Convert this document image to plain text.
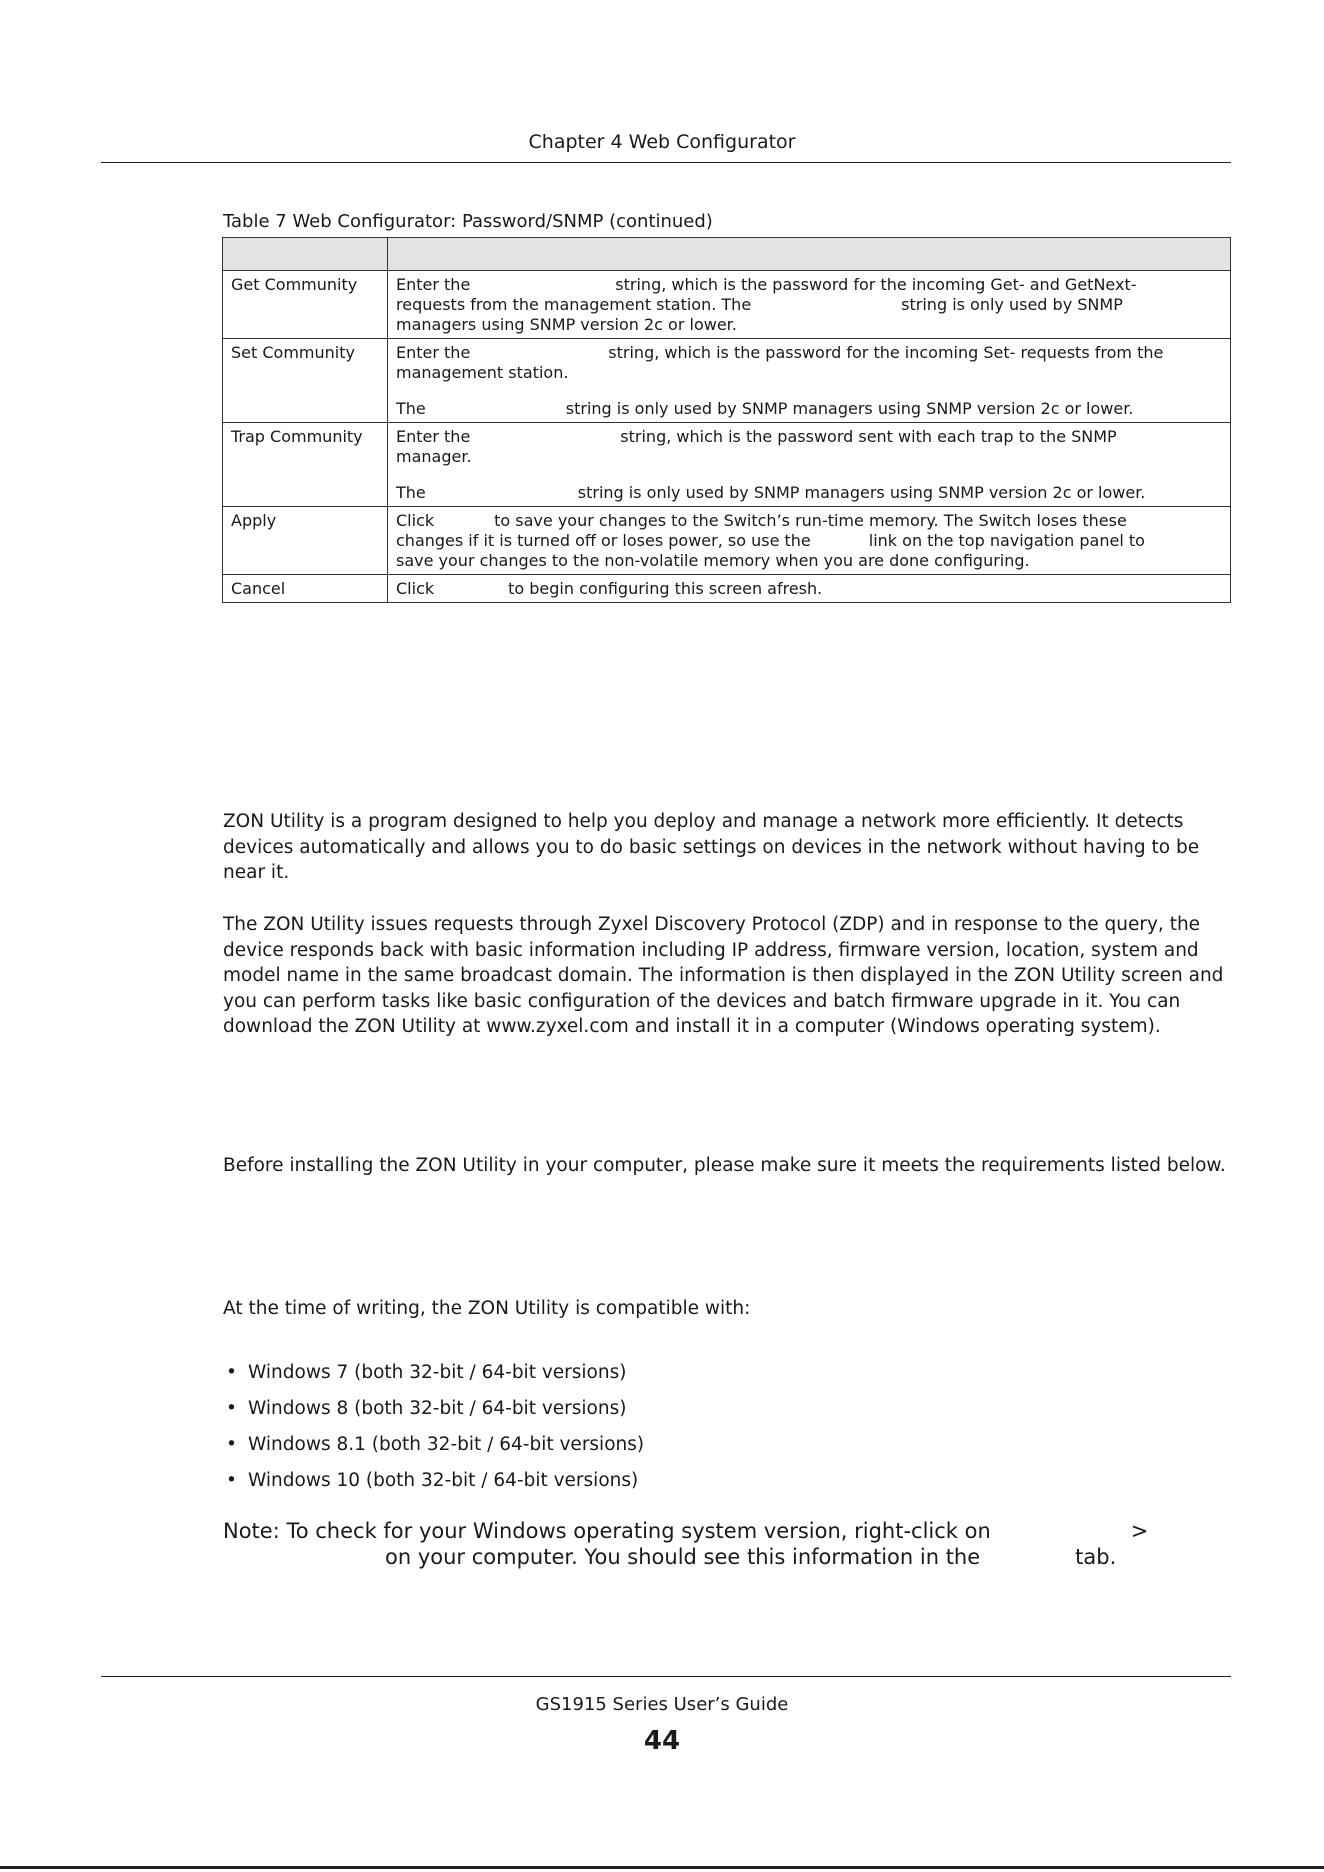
Chapter 4 Web Configurator
Table 7 Web Configurator: Password/SNMP (continued)

Get Community	Enter the string, which is the password for the incoming Get- and GetNext-
requests from the management station. The string is only used by SNMP
managers using SNMP version 2c or lower.

Set Community	Enter the string, which is the password for the incoming Set- requests from the
management station.

The string is only used by SNMP managers using SNMP version 2c or lower.

Trap Community	Enter the string, which is the password sent with each trap to the SNMP
manager.

The string is only used by SNMP managers using SNMP version 2c or lower.

Apply	Click to save your changes to the Switch’s run-time memory. The Switch loses these
changes if it is turned off or loses power, so use the link on the top navigation panel to
save your changes to the non-volatile memory when you are done configuring.

Cancel	Click to begin configuring this screen afresh.

ZON Utility is a program designed to help you deploy and manage a network more efficiently. It detects devices automatically and allows you to do basic settings on devices in the network without having to be near it.

The ZON Utility issues requests through Zyxel Discovery Protocol (ZDP) and in response to the query, the device responds back with basic information including IP address, firmware version, location, system and model name in the same broadcast domain. The information is then displayed in the ZON Utility screen and you can perform tasks like basic configuration of the devices and batch firmware upgrade in it. You can download the ZON Utility at www.zyxel.com and install it in a computer (Windows operating system).

Before installing the ZON Utility in your computer, please make sure it meets the requirements listed below.

At the time of writing, the ZON Utility is compatible with:

• Windows 7 (both 32-bit / 64-bit versions)
• Windows 8 (both 32-bit / 64-bit versions)
• Windows 8.1 (both 32-bit / 64-bit versions)
• Windows 10 (both 32-bit / 64-bit versions)
Note: To check for your Windows operating system version, right-click on	>
on your computer. You should see this information in the	tab.
GS1915 Series User’s Guide
44
